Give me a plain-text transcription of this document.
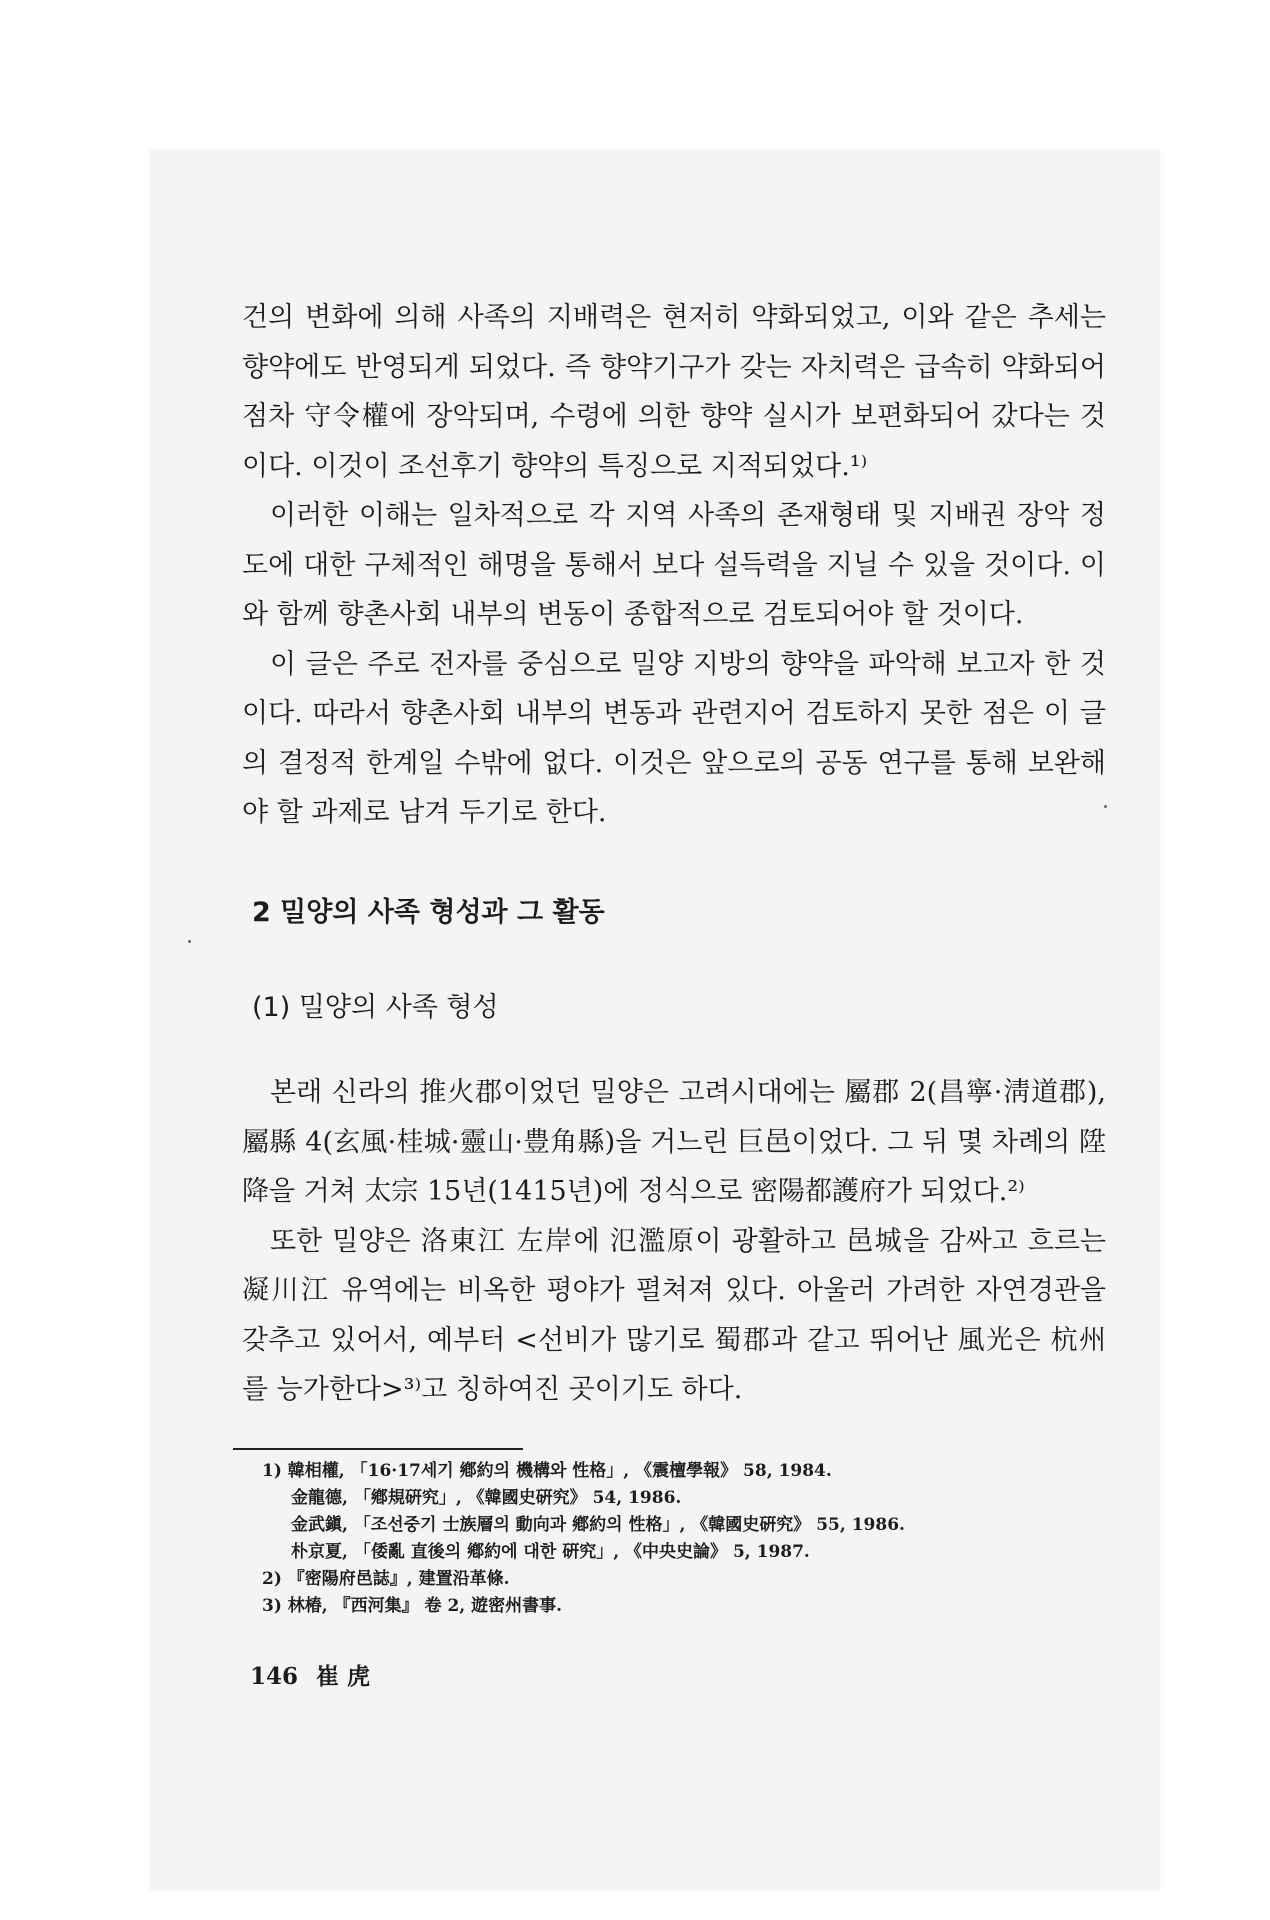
건의 변화에 의해 사족의 지배력은 현저히 약화되었고, 이와 같은 추세는 향약에도 반영되게 되었다. 즉 향약기구가 갖는 자치력은 급속히 약화되어 점차 守令權에 장악되며, 수령에 의한 향약 실시가 보편화되어 갔다는 것이다. 이것이 조선후기 향약의 특징으로 지적되었다.¹⁾

이러한 이해는 일차적으로 각 지역 사족의 존재형태 및 지배권 장악 정도에 대한 구체적인 해명을 통해서 보다 설득력을 지닐 수 있을 것이다. 이와 함께 향촌사회 내부의 변동이 종합적으로 검토되어야 할 것이다.

이 글은 주로 전자를 중심으로 밀양 지방의 향약을 파악해 보고자 한 것이다. 따라서 향촌사회 내부의 변동과 관련지어 검토하지 못한 점은 이 글의 결정적 한계일 수밖에 없다. 이것은 앞으로의 공동 연구를 통해 보완해야 할 과제로 남겨 두기로 한다.

2 밀양의 사족 형성과 그 활동
(1) 밀양의 사족 형성

본래 신라의 推火郡이었던 밀양은 고려시대에는 屬郡 2(昌寧·淸道郡), 屬縣 4(玄風·桂城·靈山·豊角縣)을 거느린 巨邑이었다. 그 뒤 몇 차례의 陞降을 거쳐 太宗 15년(1415년)에 정식으로 密陽都護府가 되었다.²⁾

또한 밀양은 洛東江 左岸에 氾濫原이 광활하고 邑城을 감싸고 흐르는 凝川江 유역에는 비옥한 평야가 펼쳐져 있다. 아울러 가려한 자연경관을 갖추고 있어서, 예부터 <선비가 많기로 蜀郡과 같고 뛰어난 風光은 杭州를 능가한다>³⁾고 칭하여진 곳이기도 하다.

1) 韓相權, 「16·17세기 鄕約의 機構와 性格」, 《震檀學報》 58, 1984.
金龍德, 「鄕規硏究」, 《韓國史硏究》 54, 1986.
金武鎭, 「조선중기 士族層의 動向과 鄕約의 性格」, 《韓國史硏究》 55, 1986.
朴京夏, 「倭亂 直後의 鄕約에 대한 硏究」, 《中央史論》 5, 1987.
2) 『密陽府邑誌』, 建置沿革條.
3) 林椿, 『西河集』 卷 2, 遊密州書事.
146 崔 虎
